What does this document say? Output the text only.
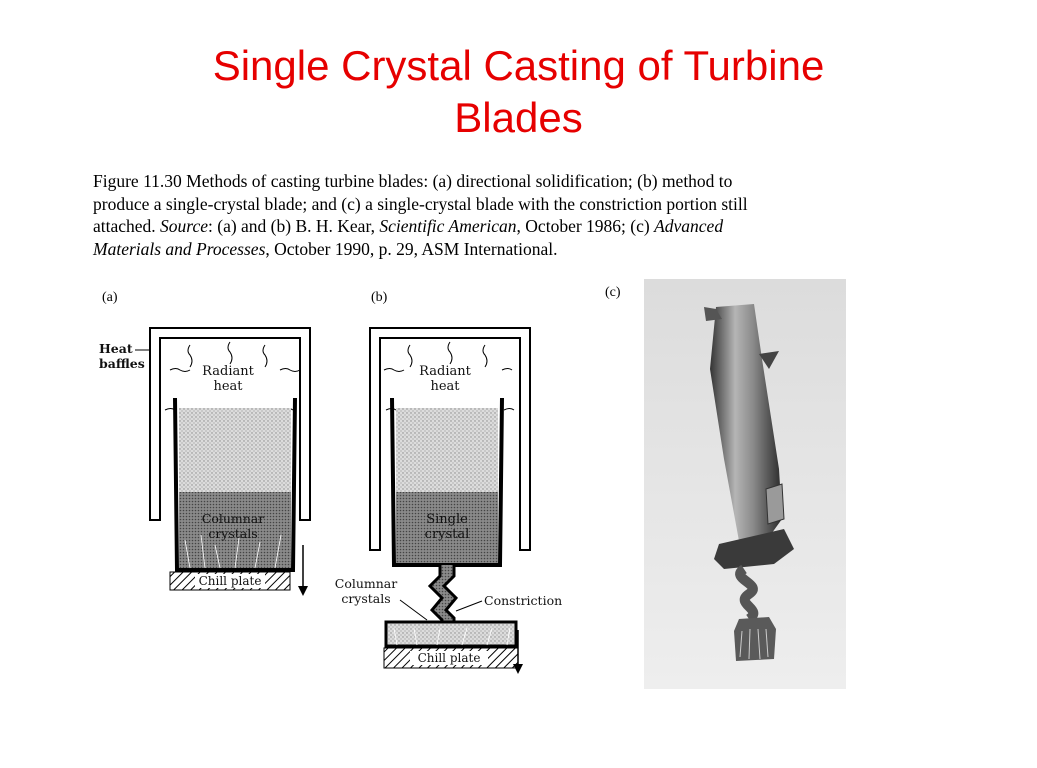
Single Crystal Casting of Turbine
Blades
Figure 11.30 Methods of casting turbine blades: (a) directional solidification; (b) method to
produce a single-crystal blade; and (c) a single-crystal blade with the constriction portion still
attached. Source: (a) and (b) B. H. Kear, Scientific American, October 1986; (c) Advanced
Materials and Processes, October 1990, p. 29, ASM International.
(a)
Chill plate
Heat
baffles
Radiant
heat
Columnar
crystals
(b)
Chill plate
Radiant
heat
Single
crystal
Columnar
crystals	Constriction
(c)
